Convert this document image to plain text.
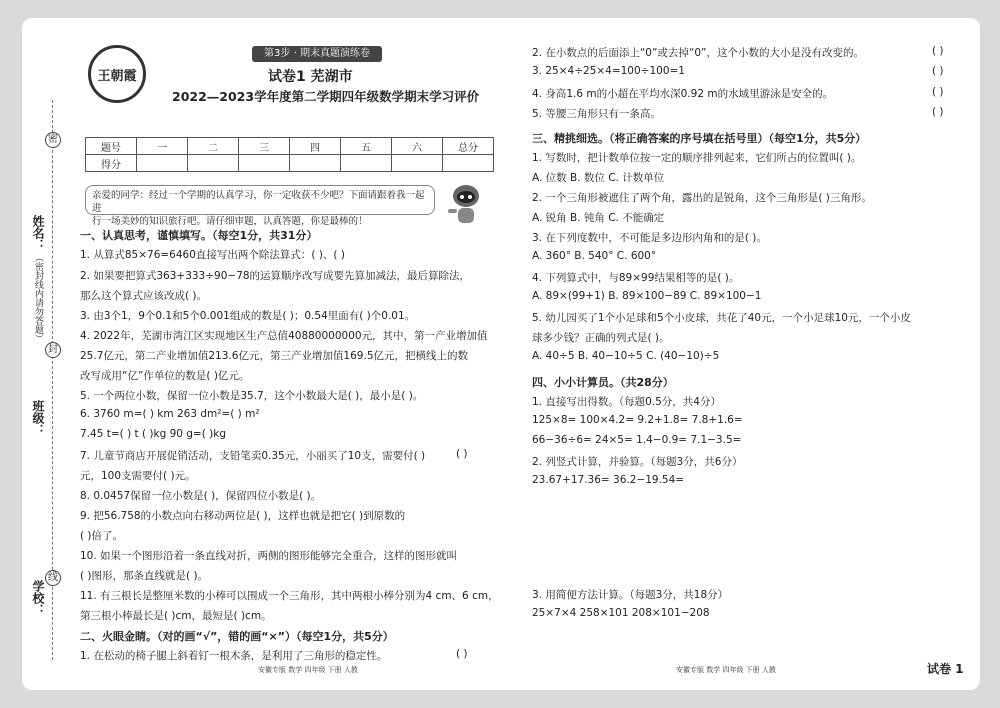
姓名：
（密封线内请勿答题）
班级：
学校：
密
封
线
王朝霞
第3步 · 期末真题演练卷
试卷1 芜湖市
2022—2023学年度第二学期四年级数学期末学习评价
题号	一	二	三	四	五	六	总分
得分							
亲爱的同学：经过一个学期的认真学习，你一定收获不少吧？下面请跟着我一起进
行一场美妙的知识旅行吧。请仔细审题，认真答题，你是最棒的！
一、认真思考，谨慎填写。（每空1分，共31分）
1. 从算式85×76=6460直接写出两个除法算式：( )、( )
2. 如果要把算式363+333÷90−78的运算顺序改写成要先算加减法，最后算除法，
那么这个算式应该改成( )。
3. 由3个1，9个0.1和5个0.001组成的数是( )；0.54里面有( )个0.01。
4. 2022年，芜湖市湾江区实现地区生产总值40880000000元，其中，第一产业增加值
25.7亿元，第二产业增加值213.6亿元，第三产业增加值169.5亿元，把横线上的数
改写成用“亿”作单位的数是( )亿元。
5. 一个两位小数，保留一位小数是35.7，这个小数最大是( )，最小是( )。
6. 3760 m=( ) km 263 dm²=( ) m²
7.45 t=( ) t ( )kg 90 g=( )kg
7. 儿童节商店开展促销活动，支铅笔卖0.35元，小丽买了10支，需要付( )	( )
元，100支需要付( )元。
8. 0.0457保留一位小数是( )，保留四位小数是( )。
9. 把56.758的小数点向右移动两位是( )，这样也就是把它( )到原数的
( )倍了。
10. 如果一个图形沿着一条直线对折，两侧的图形能够完全重合，这样的图形就叫
( )图形，那条直线就是( )。
11. 有三根长是整厘米数的小棒可以围成一个三角形，其中两根小棒分别为4 cm、6 cm，
第三根小棒最长是( )cm，最短是( )cm。
二、火眼金睛。（对的画“√”，错的画“×”）（每空1分，共5分）
1. 在松动的椅子腿上斜着钉一根木条，是利用了三角形的稳定性。	( )
2. 在小数点的后面添上“0”或去掉“0”，这个小数的大小是没有改变的。	( )
3. 25×4÷25×4=100÷100=1	( )
4. 身高1.6 m的小超在平均水深0.92 m的水域里游泳是安全的。	( )
5. 等腰三角形只有一条高。	( )
三、精挑细选。（将正确答案的序号填在括号里）（每空1分，共5分）
1. 写数时，把计数单位按一定的顺序排列起来，它们所占的位置叫( )。
A. 位数 B. 数位 C. 计数单位
2. 一个三角形被遮住了两个角，露出的是锐角，这个三角形是( )三角形。
A. 锐角 B. 钝角 C. 不能确定
3. 在下列度数中，不可能是多边形内角和的是( )。
A. 360° B. 540° C. 600°
4. 下列算式中，与89×99结果相等的是( )。
A. 89×(99+1) B. 89×100−89 C. 89×100−1
5. 幼儿园买了1个小足球和5个小皮球，共花了40元，一个小足球10元，一个小皮
球多少钱？正确的列式是( )。
A. 40÷5 B. 40−10÷5 C. (40−10)÷5
四、小小计算员。（共28分）
1. 直接写出得数。（每题0.5分，共4分）
125×8= 100×4.2= 9.2+1.8= 7.8+1.6=
66−36÷6= 24×5= 1.4−0.9= 7.1−3.5=
2. 列竖式计算，并验算。（每题3分，共6分）
23.67+17.36= 36.2−19.54=
3. 用简便方法计算。（每题3分，共18分）
25×7×4 258×101 208×101−208
安徽专版 数学 四年级 下册 人教	安徽专版 数学 四年级 下册 人教	试卷 1
